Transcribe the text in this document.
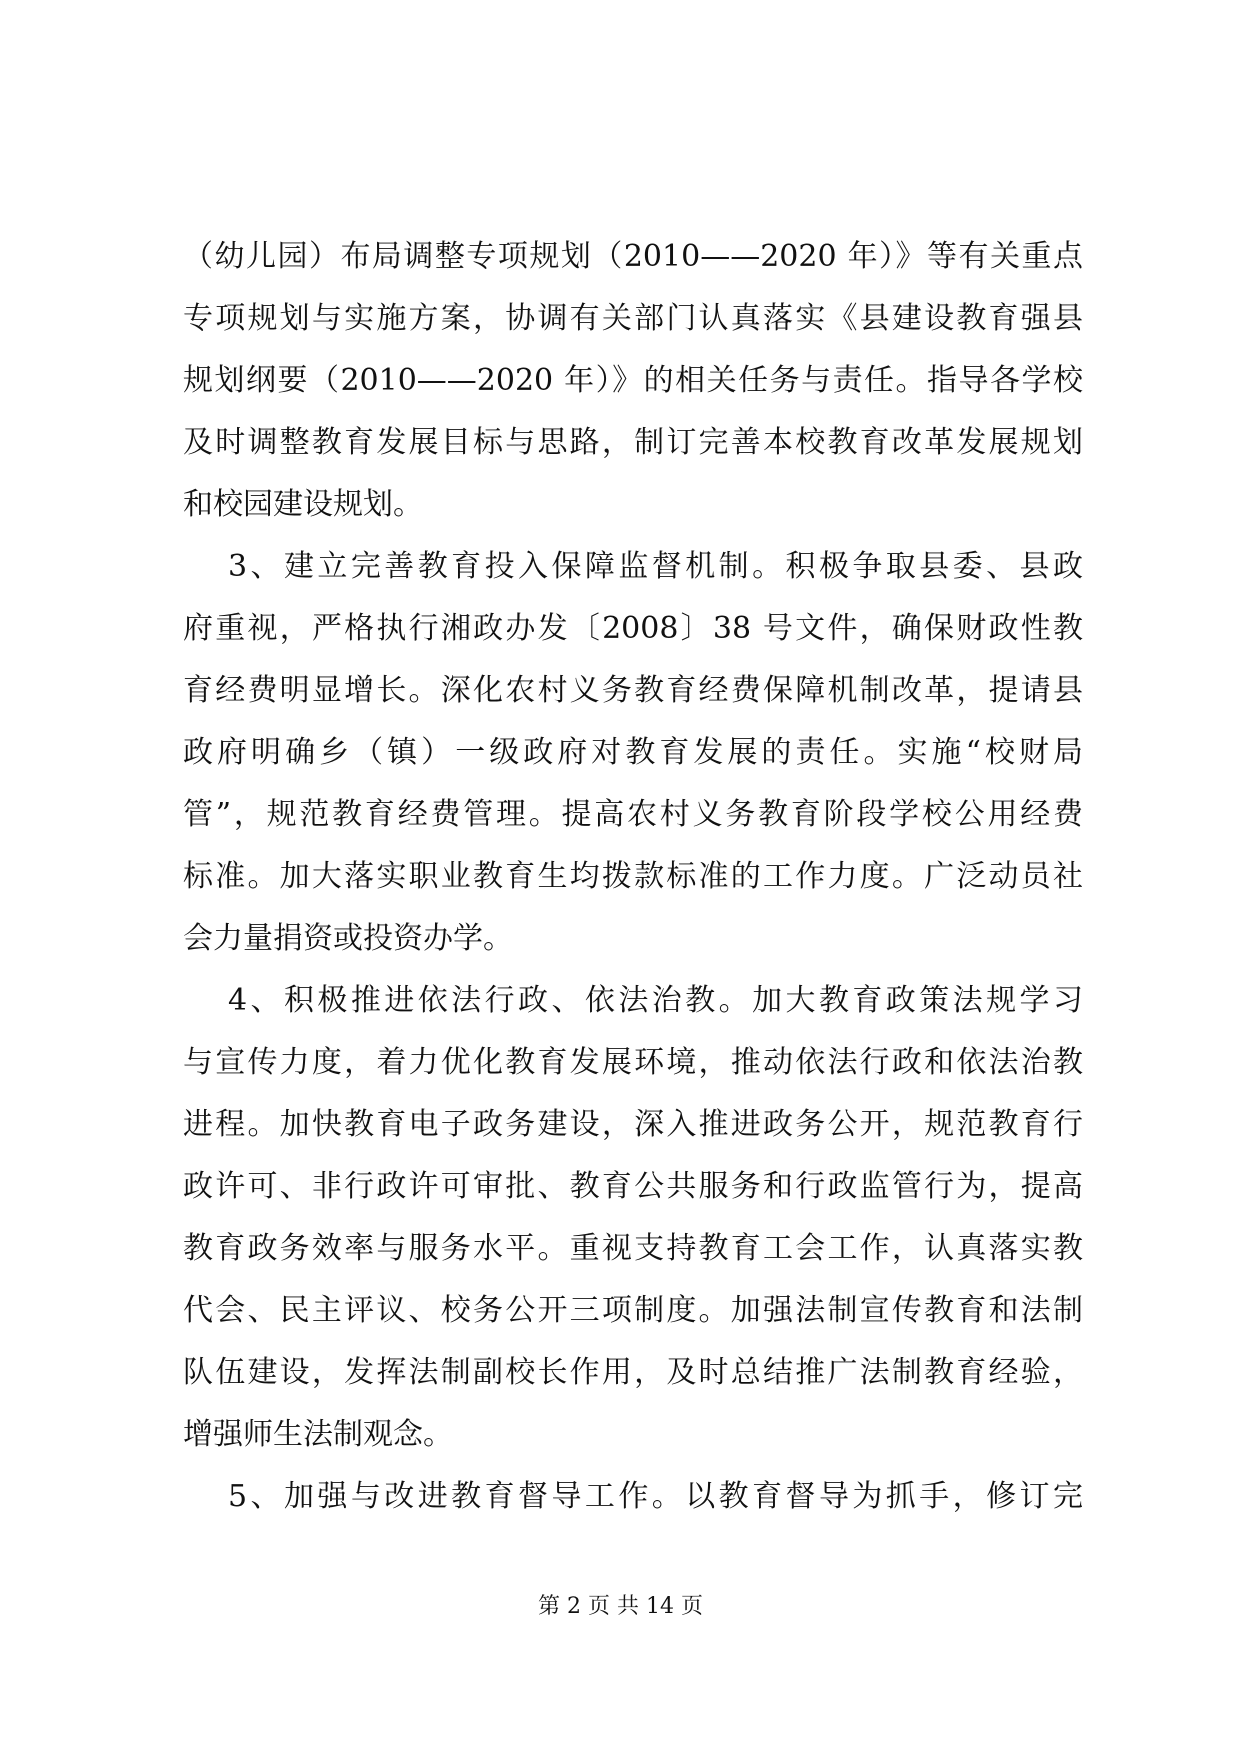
（幼儿园）布局调整专项规划（2010——2020 年）》等有关重点
专项规划与实施方案，协调有关部门认真落实《县建设教育强县
规划纲要（2010——2020 年）》的相关任务与责任。指导各学校
及时调整教育发展目标与思路，制订完善本校教育改革发展规划
和校园建设规划。
3、建立完善教育投入保障监督机制。积极争取县委、县政
府重视，严格执行湘政办发〔2008〕38 号文件，确保财政性教
育经费明显增长。深化农村义务教育经费保障机制改革，提请县
政府明确乡（镇）一级政府对教育发展的责任。实施“校财局
管”，规范教育经费管理。提高农村义务教育阶段学校公用经费
标准。加大落实职业教育生均拨款标准的工作力度。广泛动员社
会力量捐资或投资办学。
4、积极推进依法行政、依法治教。加大教育政策法规学习
与宣传力度，着力优化教育发展环境，推动依法行政和依法治教
进程。加快教育电子政务建设，深入推进政务公开，规范教育行
政许可、非行政许可审批、教育公共服务和行政监管行为，提高
教育政务效率与服务水平。重视支持教育工会工作，认真落实教
代会、民主评议、校务公开三项制度。加强法制宣传教育和法制
队伍建设，发挥法制副校长作用，及时总结推广法制教育经验，
增强师生法制观念。
5、加强与改进教育督导工作。以教育督导为抓手，修订完
第 2 页 共 14 页
